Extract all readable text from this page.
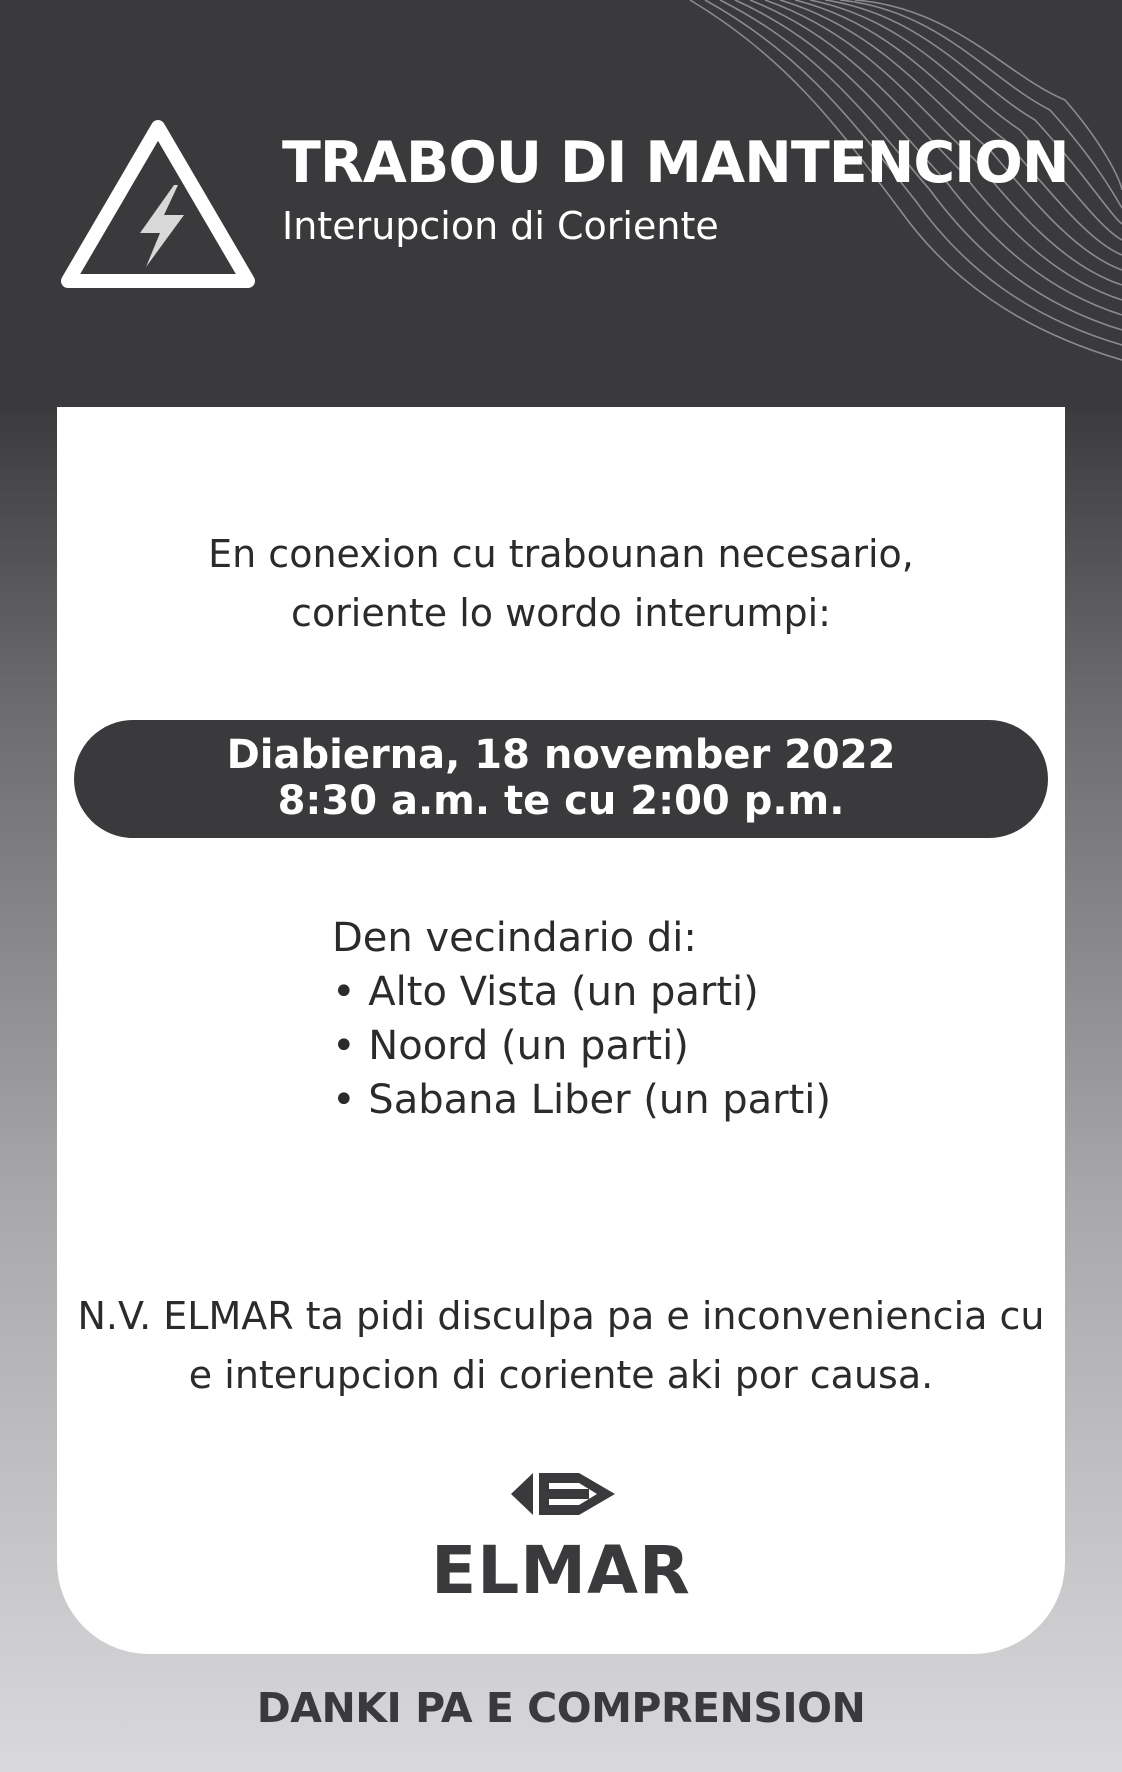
TRABOU DI MANTENCION
Interupcion di Coriente
En conexion cu trabounan necesario,
coriente lo wordo interumpi:
Diabierna, 18 november 2022
8:30 a.m. te cu 2:00 p.m.
Den vecindario di:
• Alto Vista (un parti)
• Noord (un parti)
• Sabana Liber (un parti)
N.V. ELMAR ta pidi disculpa pa e inconveniencia cu
e interupcion di coriente aki por causa.
ELMAR
DANKI PA E COMPRENSION
